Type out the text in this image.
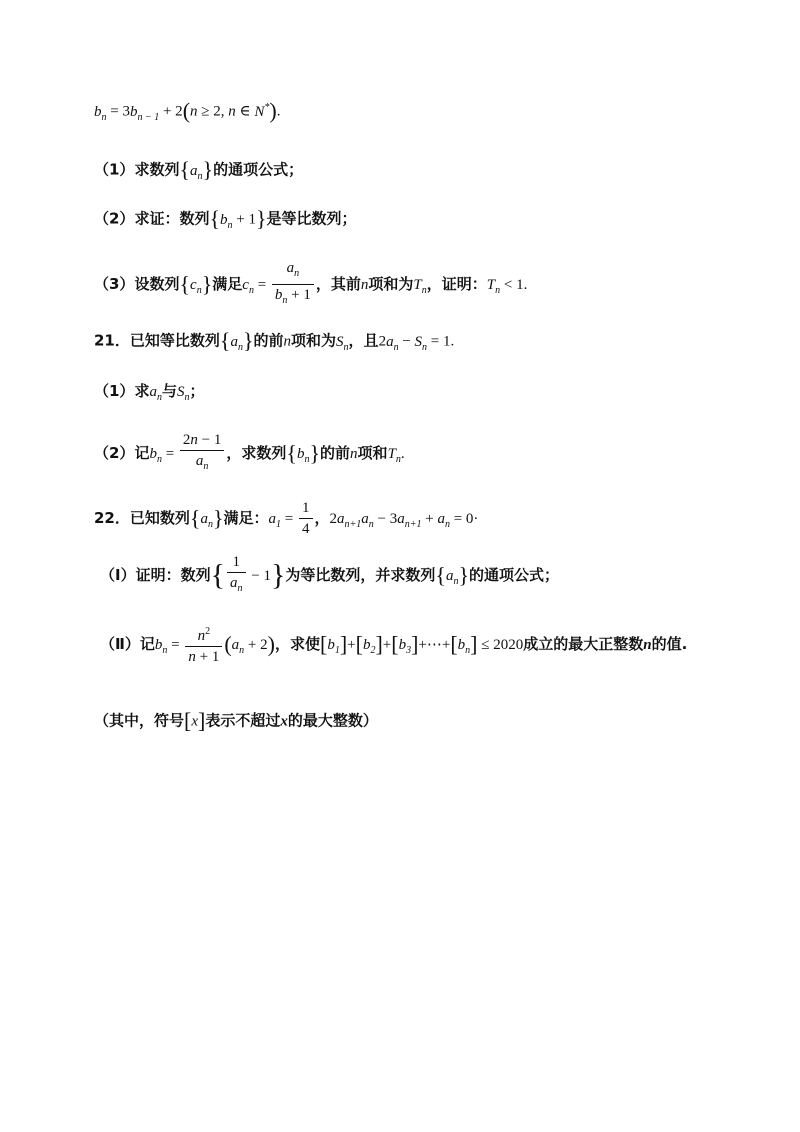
$b_n = 3b_{n - 1} + 2(n \ge 2$, n ∈ N*).
（1）求数列$\{a_n\}$的通项公式；
（2）求证：数列$\{b_n + 1\}$是等比数列；
（3）设数列$\{c_n\}$满足$c_n = \frac{a_n}{b_n + 1}$ ，其前n项和为$T_n$，证明：$T_n < 1$.
21．已知等比数列$\{a_n\}$的前n项和为$S_n$，且$2a_n - S_n = 1$.
（1）求$a_n$与$S_n$；
（2）记$b_n = \frac{2n - 1}{a_n}$ ，求数列$\{b_n\}$的前n项和$T_n$.
22．已知数列$\{a_n\}$满足：$a_1 = \frac{1}{4}$ ，$2a_{n+1}a_n - 3a_{n+1} + a_n = 0\cdot$
（Ⅰ）证明：数列{ $\frac{1}{a_n} - 1$}为等比数列，并求数列$\{a_n\}$的通项公式；
（Ⅱ）记$b_n = \frac{n^2}{n + 1} (a_n + 2)$，求使$[b_1]+[b_2]+[b_3]+\cdots+[b_n] \le 2020$成立的最大正整数n的值.
（其中，符号[x]表示不超过x的最大整数）
